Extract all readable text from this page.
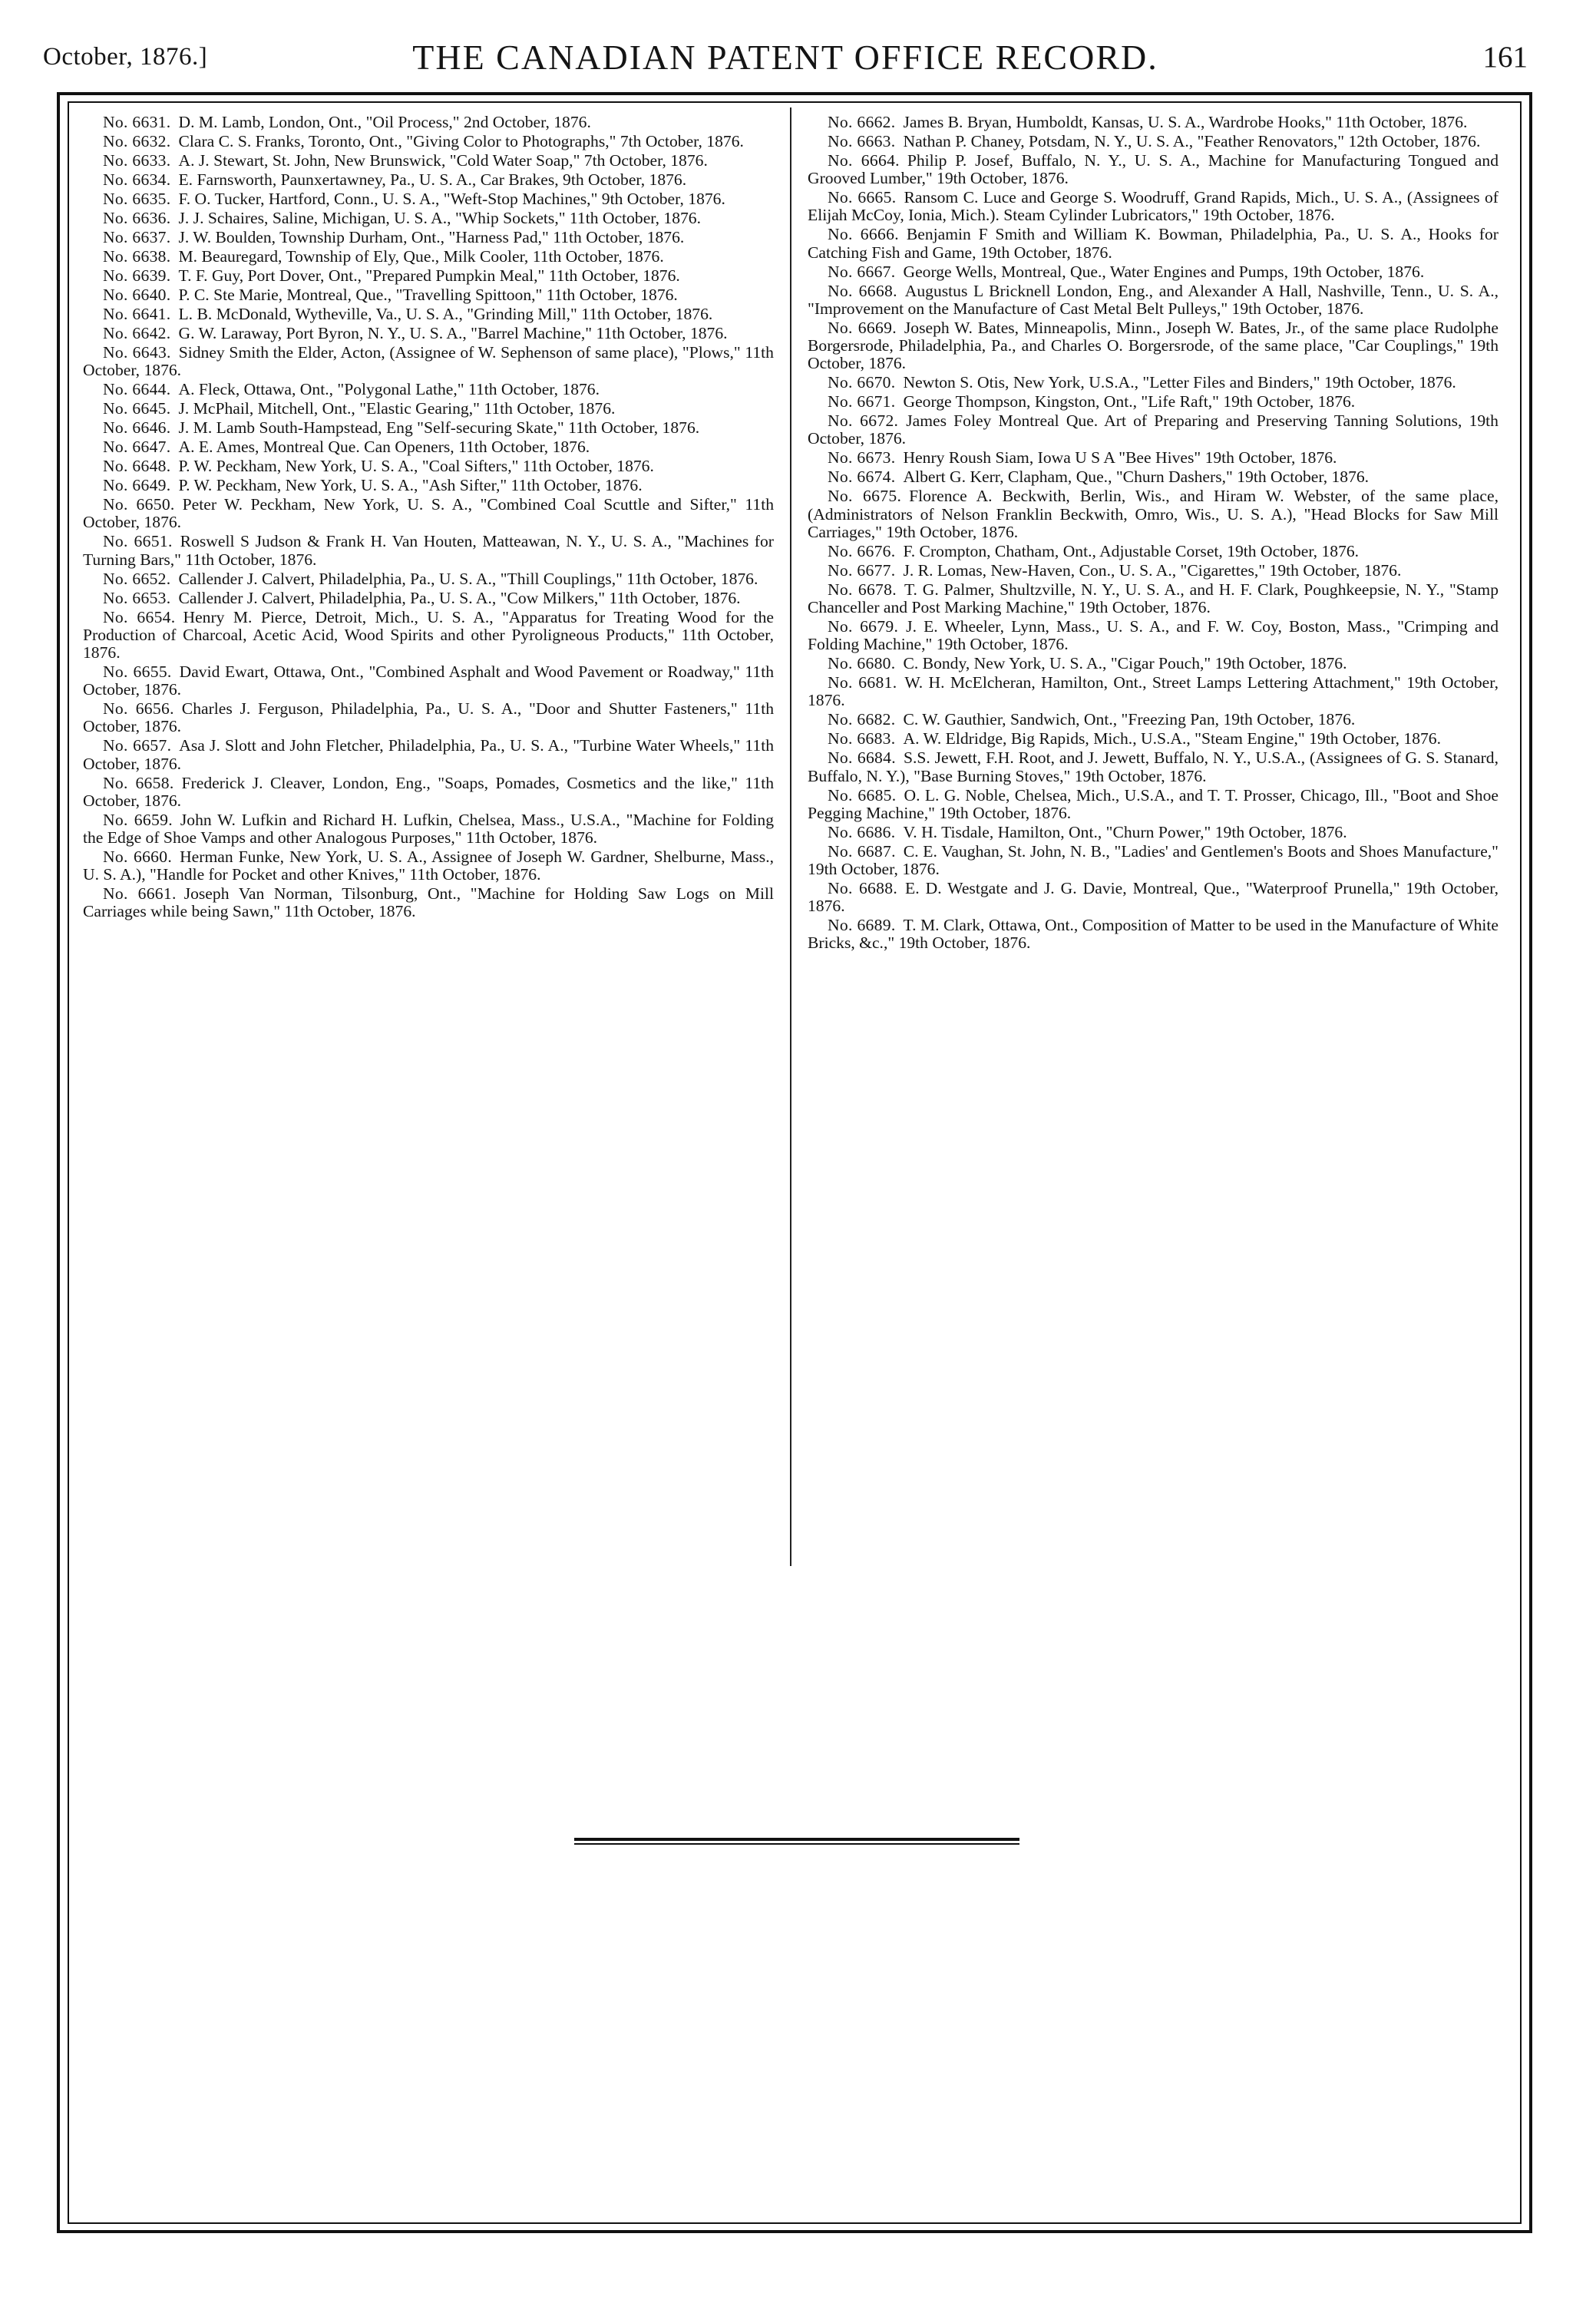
October, 1876.]	THE CANADIAN PATENT OFFICE RECORD.	161

No. 6631. D. M. Lamb, London, Ont., "Oil Process," 2nd October, 1876.

No. 6632. Clara C. S. Franks, Toronto, Ont., "Giving Color to Photographs," 7th October, 1876.

No. 6633. A. J. Stewart, St. John, New Brunswick, "Cold Water Soap," 7th October, 1876.

No. 6634. E. Farnsworth, Paunxertawney, Pa., U. S. A., Car Brakes, 9th October, 1876.

No. 6635. F. O. Tucker, Hartford, Conn., U. S. A., "Weft-Stop Machines," 9th October, 1876.

No. 6636. J. J. Schaires, Saline, Michigan, U. S. A., "Whip Sockets," 11th October, 1876.

No. 6637. J. W. Boulden, Township Durham, Ont., "Harness Pad," 11th October, 1876.

No. 6638. M. Beauregard, Township of Ely, Que., Milk Cooler, 11th October, 1876.

No. 6639. T. F. Guy, Port Dover, Ont., "Prepared Pumpkin Meal," 11th October, 1876.

No. 6640. P. C. Ste Marie, Montreal, Que., "Travelling Spittoon," 11th October, 1876.

No. 6641. L. B. McDonald, Wytheville, Va., U. S. A., "Grinding Mill," 11th October, 1876.

No. 6642. G. W. Laraway, Port Byron, N. Y., U. S. A., "Barrel Machine," 11th October, 1876.

No. 6643. Sidney Smith the Elder, Acton, (Assignee of W. Sephenson of same place), "Plows," 11th October, 1876.

No. 6644. A. Fleck, Ottawa, Ont., "Polygonal Lathe," 11th October, 1876.

No. 6645. J. McPhail, Mitchell, Ont., "Elastic Gearing," 11th October, 1876.

No. 6646. J. M. Lamb South-Hampstead, Eng "Self-securing Skate," 11th October, 1876.

No. 6647. A. E. Ames, Montreal Que. Can Openers, 11th October, 1876.

No. 6648. P. W. Peckham, New York, U. S. A., "Coal Sifters," 11th October, 1876.

No. 6649. P. W. Peckham, New York, U. S. A., "Ash Sifter," 11th October, 1876.

No. 6650. Peter W. Peckham, New York, U. S. A., "Combined Coal Scuttle and Sifter," 11th October, 1876.

No. 6651. Roswell S Judson & Frank H. Van Houten, Matteawan, N. Y., U. S. A., "Machines for Turning Bars," 11th October, 1876.

No. 6652. Callender J. Calvert, Philadelphia, Pa., U. S. A., "Thill Couplings," 11th October, 1876.

No. 6653. Callender J. Calvert, Philadelphia, Pa., U. S. A., "Cow Milkers," 11th October, 1876.

No. 6654. Henry M. Pierce, Detroit, Mich., U. S. A., "Apparatus for Treating Wood for the Production of Charcoal, Acetic Acid, Wood Spirits and other Pyroligneous Products," 11th October, 1876.

No. 6655. David Ewart, Ottawa, Ont., "Combined Asphalt and Wood Pavement or Roadway," 11th October, 1876.

No. 6656. Charles J. Ferguson, Philadelphia, Pa., U. S. A., "Door and Shutter Fasteners," 11th October, 1876.

No. 6657. Asa J. Slott and John Fletcher, Philadelphia, Pa., U. S. A., "Turbine Water Wheels," 11th October, 1876.

No. 6658. Frederick J. Cleaver, London, Eng., "Soaps, Pomades, Cosmetics and the like," 11th October, 1876.

No. 6659. John W. Lufkin and Richard H. Lufkin, Chelsea, Mass., U.S.A., "Machine for Folding the Edge of Shoe Vamps and other Analogous Purposes," 11th October, 1876.

No. 6660. Herman Funke, New York, U. S. A., Assignee of Joseph W. Gardner, Shelburne, Mass., U. S. A.), "Handle for Pocket and other Knives," 11th October, 1876.

No. 6661. Joseph Van Norman, Tilsonburg, Ont., "Machine for Holding Saw Logs on Mill Carriages while being Sawn," 11th October, 1876.

No. 6662. James B. Bryan, Humboldt, Kansas, U. S. A., Wardrobe Hooks," 11th October, 1876.

No. 6663. Nathan P. Chaney, Potsdam, N. Y., U. S. A., "Feather Renovators," 12th October, 1876.

No. 6664. Philip P. Josef, Buffalo, N. Y., U. S. A., Machine for Manufacturing Tongued and Grooved Lumber," 19th October, 1876.

No. 6665. Ransom C. Luce and George S. Woodruff, Grand Rapids, Mich., U. S. A., (Assignees of Elijah McCoy, Ionia, Mich.). Steam Cylinder Lubricators," 19th October, 1876.

No. 6666. Benjamin F Smith and William K. Bowman, Philadelphia, Pa., U. S. A., Hooks for Catching Fish and Game, 19th October, 1876.

No. 6667. George Wells, Montreal, Que., Water Engines and Pumps, 19th October, 1876.

No. 6668. Augustus L Bricknell London, Eng., and Alexander A Hall, Nashville, Tenn., U. S. A., "Improvement on the Manufacture of Cast Metal Belt Pulleys," 19th October, 1876.

No. 6669. Joseph W. Bates, Minneapolis, Minn., Joseph W. Bates, Jr., of the same place Rudolphe Borgersrode, Philadelphia, Pa., and Charles O. Borgersrode, of the same place, "Car Couplings," 19th October, 1876.

No. 6670. Newton S. Otis, New York, U.S.A., "Letter Files and Binders," 19th October, 1876.

No. 6671. George Thompson, Kingston, Ont., "Life Raft," 19th October, 1876.

No. 6672. James Foley Montreal Que. Art of Preparing and Preserving Tanning Solutions, 19th October, 1876.

No. 6673. Henry Roush Siam, Iowa U S A "Bee Hives" 19th October, 1876.

No. 6674. Albert G. Kerr, Clapham, Que., "Churn Dashers," 19th October, 1876.

No. 6675. Florence A. Beckwith, Berlin, Wis., and Hiram W. Webster, of the same place, (Administrators of Nelson Franklin Beckwith, Omro, Wis., U. S. A.), "Head Blocks for Saw Mill Carriages," 19th October, 1876.

No. 6676. F. Crompton, Chatham, Ont., Adjustable Corset, 19th October, 1876.

No. 6677. J. R. Lomas, New-Haven, Con., U. S. A., "Cigarettes," 19th October, 1876.

No. 6678. T. G. Palmer, Shultzville, N. Y., U. S. A., and H. F. Clark, Poughkeepsie, N. Y., "Stamp Chanceller and Post Marking Machine," 19th October, 1876.

No. 6679. J. E. Wheeler, Lynn, Mass., U. S. A., and F. W. Coy, Boston, Mass., "Crimping and Folding Machine," 19th October, 1876.

No. 6680. C. Bondy, New York, U. S. A., "Cigar Pouch," 19th October, 1876.

No. 6681. W. H. McElcheran, Hamilton, Ont., Street Lamps Lettering Attachment," 19th October, 1876.

No. 6682. C. W. Gauthier, Sandwich, Ont., "Freezing Pan, 19th October, 1876.

No. 6683. A. W. Eldridge, Big Rapids, Mich., U.S.A., "Steam Engine," 19th October, 1876.

No. 6684. S.S. Jewett, F.H. Root, and J. Jewett, Buffalo, N. Y., U.S.A., (Assignees of G. S. Stanard, Buffalo, N. Y.), "Base Burning Stoves," 19th October, 1876.

No. 6685. O. L. G. Noble, Chelsea, Mich., U.S.A., and T. T. Prosser, Chicago, Ill., "Boot and Shoe Pegging Machine," 19th October, 1876.

No. 6686. V. H. Tisdale, Hamilton, Ont., "Churn Power," 19th October, 1876.

No. 6687. C. E. Vaughan, St. John, N. B., "Ladies' and Gentlemen's Boots and Shoes Manufacture," 19th October, 1876.

No. 6688. E. D. Westgate and J. G. Davie, Montreal, Que., "Waterproof Prunella," 19th October, 1876.

No. 6689. T. M. Clark, Ottawa, Ont., Composition of Matter to be used in the Manufacture of White Bricks, &c.," 19th October, 1876.
